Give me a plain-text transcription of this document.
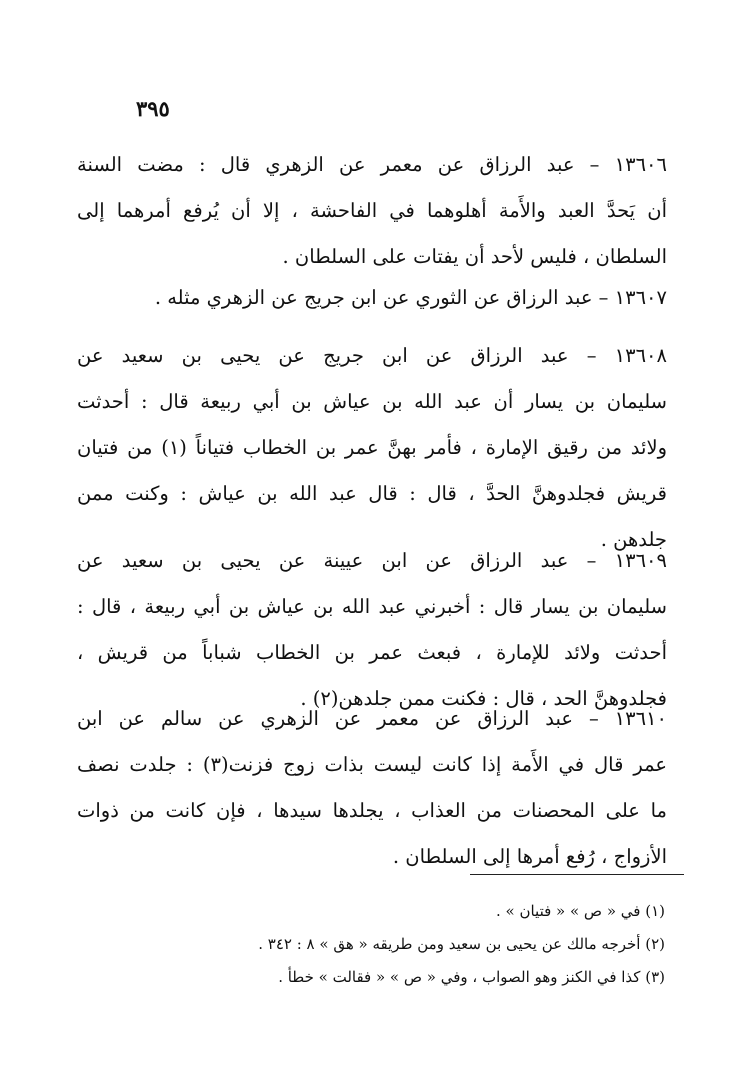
٣٩٥
١٣٦٠٦ – عبد الرزاق عن معمر عن الزهري قال : مضت السنة
أن يَحدَّ العبد والأَمة أهلوهما في الفاحشة ، إلا أن يُرفع أمرهما إلى
السلطان ، فليس لأحد أن يفتات على السلطان .
١٣٦٠٧ – عبد الرزاق عن الثوري عن ابن جريج عن الزهري مثله .
١٣٦٠٨ – عبد الرزاق عن ابن جريج عن يحيى بن سعيد عن
سليمان بن يسار أن عبد الله بن عياش بن أبي ربيعة قال : أحدثت
ولائد من رقيق الإمارة ، فأمر بهنَّ عمر بن الخطاب فتياناً (١) من فتيان
قريش فجلدوهنَّ الحدَّ ، قال : قال عبد الله بن عياش : وكنت ممن
جلدهن .
١٣٦٠٩ – عبد الرزاق عن ابن عيينة عن يحيى بن سعيد عن
سليمان بن يسار قال : أخبرني عبد الله بن عياش بن أبي ربيعة ، قال :
أحدثت ولائد للإمارة ، فبعث عمر بن الخطاب شباباً من قريش ،
فجلدوهنَّ الحد ، قال : فكنت ممن جلدهن(٢) .
١٣٦١٠ – عبد الرزاق عن معمر عن الزهري عن سالم عن ابن
عمر قال في الأَمة إذا كانت ليست بذات زوج فزنت(٣) : جلدت نصف
ما على المحصنات من العذاب ، يجلدها سيدها ، فإن كانت من ذوات
الأزواج ، رُفع أمرها إلى السلطان .
(١) في « ص » « فتيان » .
(٢) أخرجه مالك عن يحيى بن سعيد ومن طريقه « هق » ٨ : ٣٤٢ .
(٣) كذا في الكنز وهو الصواب ، وفي « ص » « فقالت » خطأ .
